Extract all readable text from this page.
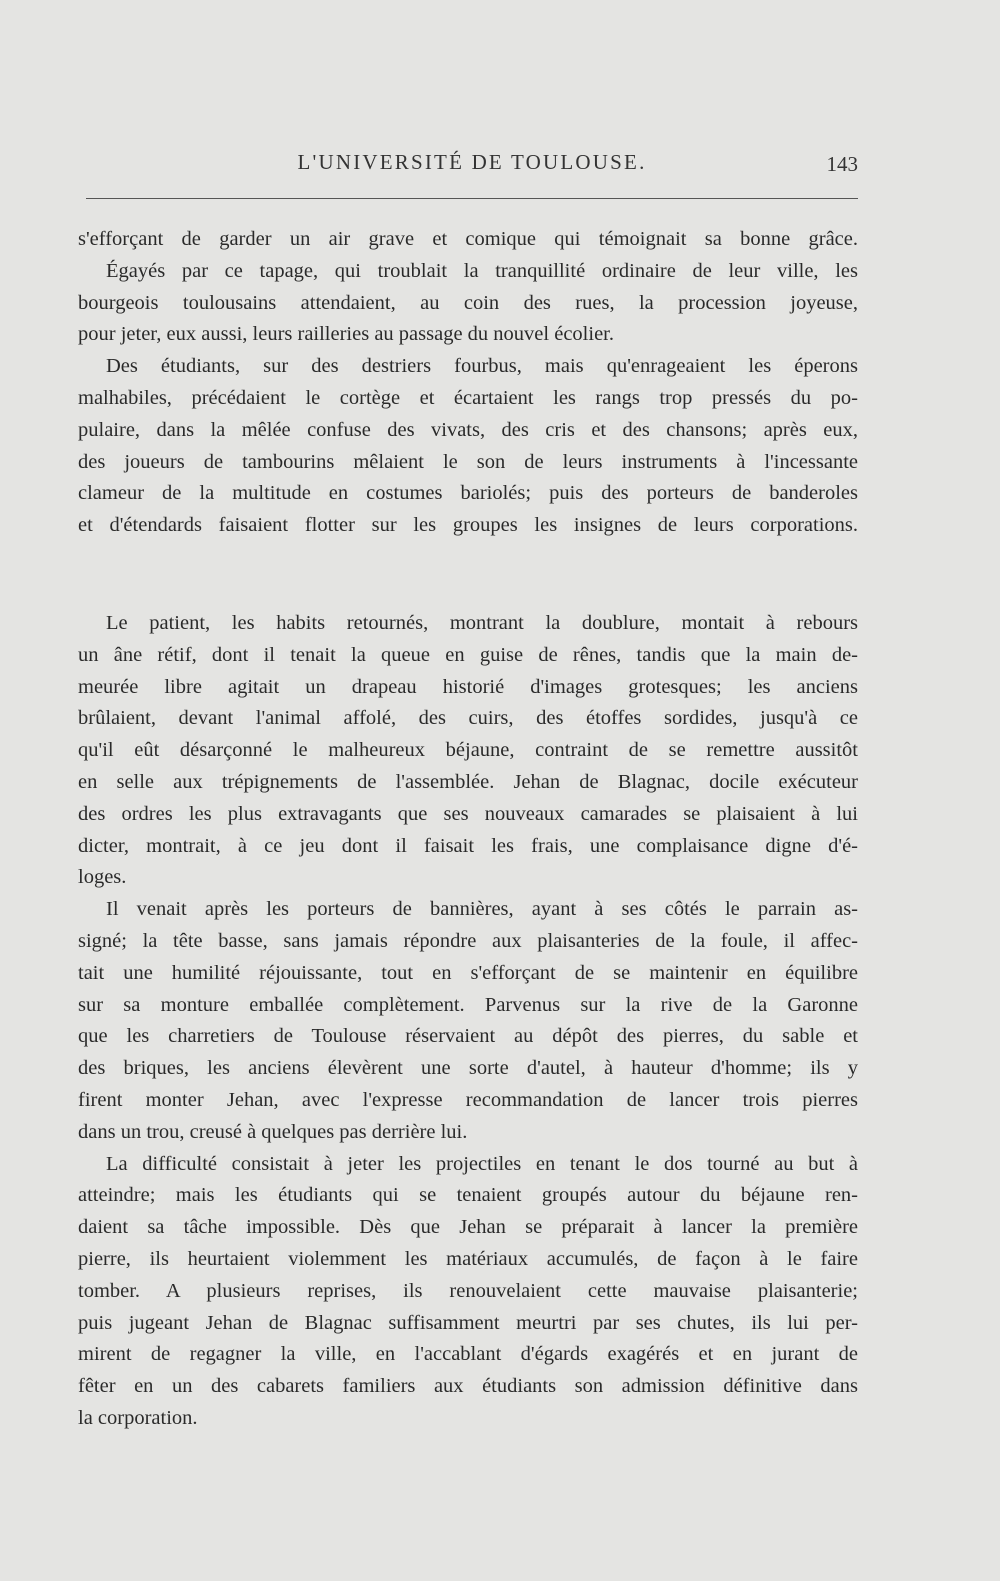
L'UNIVERSITÉ DE TOULOUSE.	143
s'efforçant de garder un air grave et comique qui témoignait sa bonne grâce.
Égayés par ce tapage, qui troublait la tranquillité ordinaire de leur ville, les
bourgeois toulousains attendaient, au coin des rues, la procession joyeuse,
pour jeter, eux aussi, leurs railleries au passage du nouvel écolier.
Des étudiants, sur des destriers fourbus, mais qu'enrageaient les éperons
malhabiles, précédaient le cortège et écartaient les rangs trop pressés du po-
pulaire, dans la mêlée confuse des vivats, des cris et des chansons; après eux,
des joueurs de tambourins mêlaient le son de leurs instruments à l'incessante
clameur de la multitude en costumes bariolés; puis des porteurs de banderoles
et d'étendards faisaient flotter sur les groupes les insignes de leurs corporations.
Le patient, les habits retournés, montrant la doublure, montait à rebours
un âne rétif, dont il tenait la queue en guise de rênes, tandis que la main de-
meurée libre agitait un drapeau historié d'images grotesques; les anciens
brûlaient, devant l'animal affolé, des cuirs, des étoffes sordides, jusqu'à ce
qu'il eût désarçonné le malheureux béjaune, contraint de se remettre aussitôt
en selle aux trépignements de l'assemblée. Jehan de Blagnac, docile exécuteur
des ordres les plus extravagants que ses nouveaux camarades se plaisaient à lui
dicter, montrait, à ce jeu dont il faisait les frais, une complaisance digne d'é-
loges.
Il venait après les porteurs de bannières, ayant à ses côtés le parrain as-
signé; la tête basse, sans jamais répondre aux plaisanteries de la foule, il affec-
tait une humilité réjouissante, tout en s'efforçant de se maintenir en équilibre
sur sa monture emballée complètement. Parvenus sur la rive de la Garonne
que les charretiers de Toulouse réservaient au dépôt des pierres, du sable et
des briques, les anciens élevèrent une sorte d'autel, à hauteur d'homme; ils y
firent monter Jehan, avec l'expresse recommandation de lancer trois pierres
dans un trou, creusé à quelques pas derrière lui.
La difficulté consistait à jeter les projectiles en tenant le dos tourné au but à
atteindre; mais les étudiants qui se tenaient groupés autour du béjaune ren-
daient sa tâche impossible. Dès que Jehan se préparait à lancer la première
pierre, ils heurtaient violemment les matériaux accumulés, de façon à le faire
tomber. A plusieurs reprises, ils renouvelaient cette mauvaise plaisanterie;
puis jugeant Jehan de Blagnac suffisamment meurtri par ses chutes, ils lui per-
mirent de regagner la ville, en l'accablant d'égards exagérés et en jurant de
fêter en un des cabarets familiers aux étudiants son admission définitive dans
la corporation.
